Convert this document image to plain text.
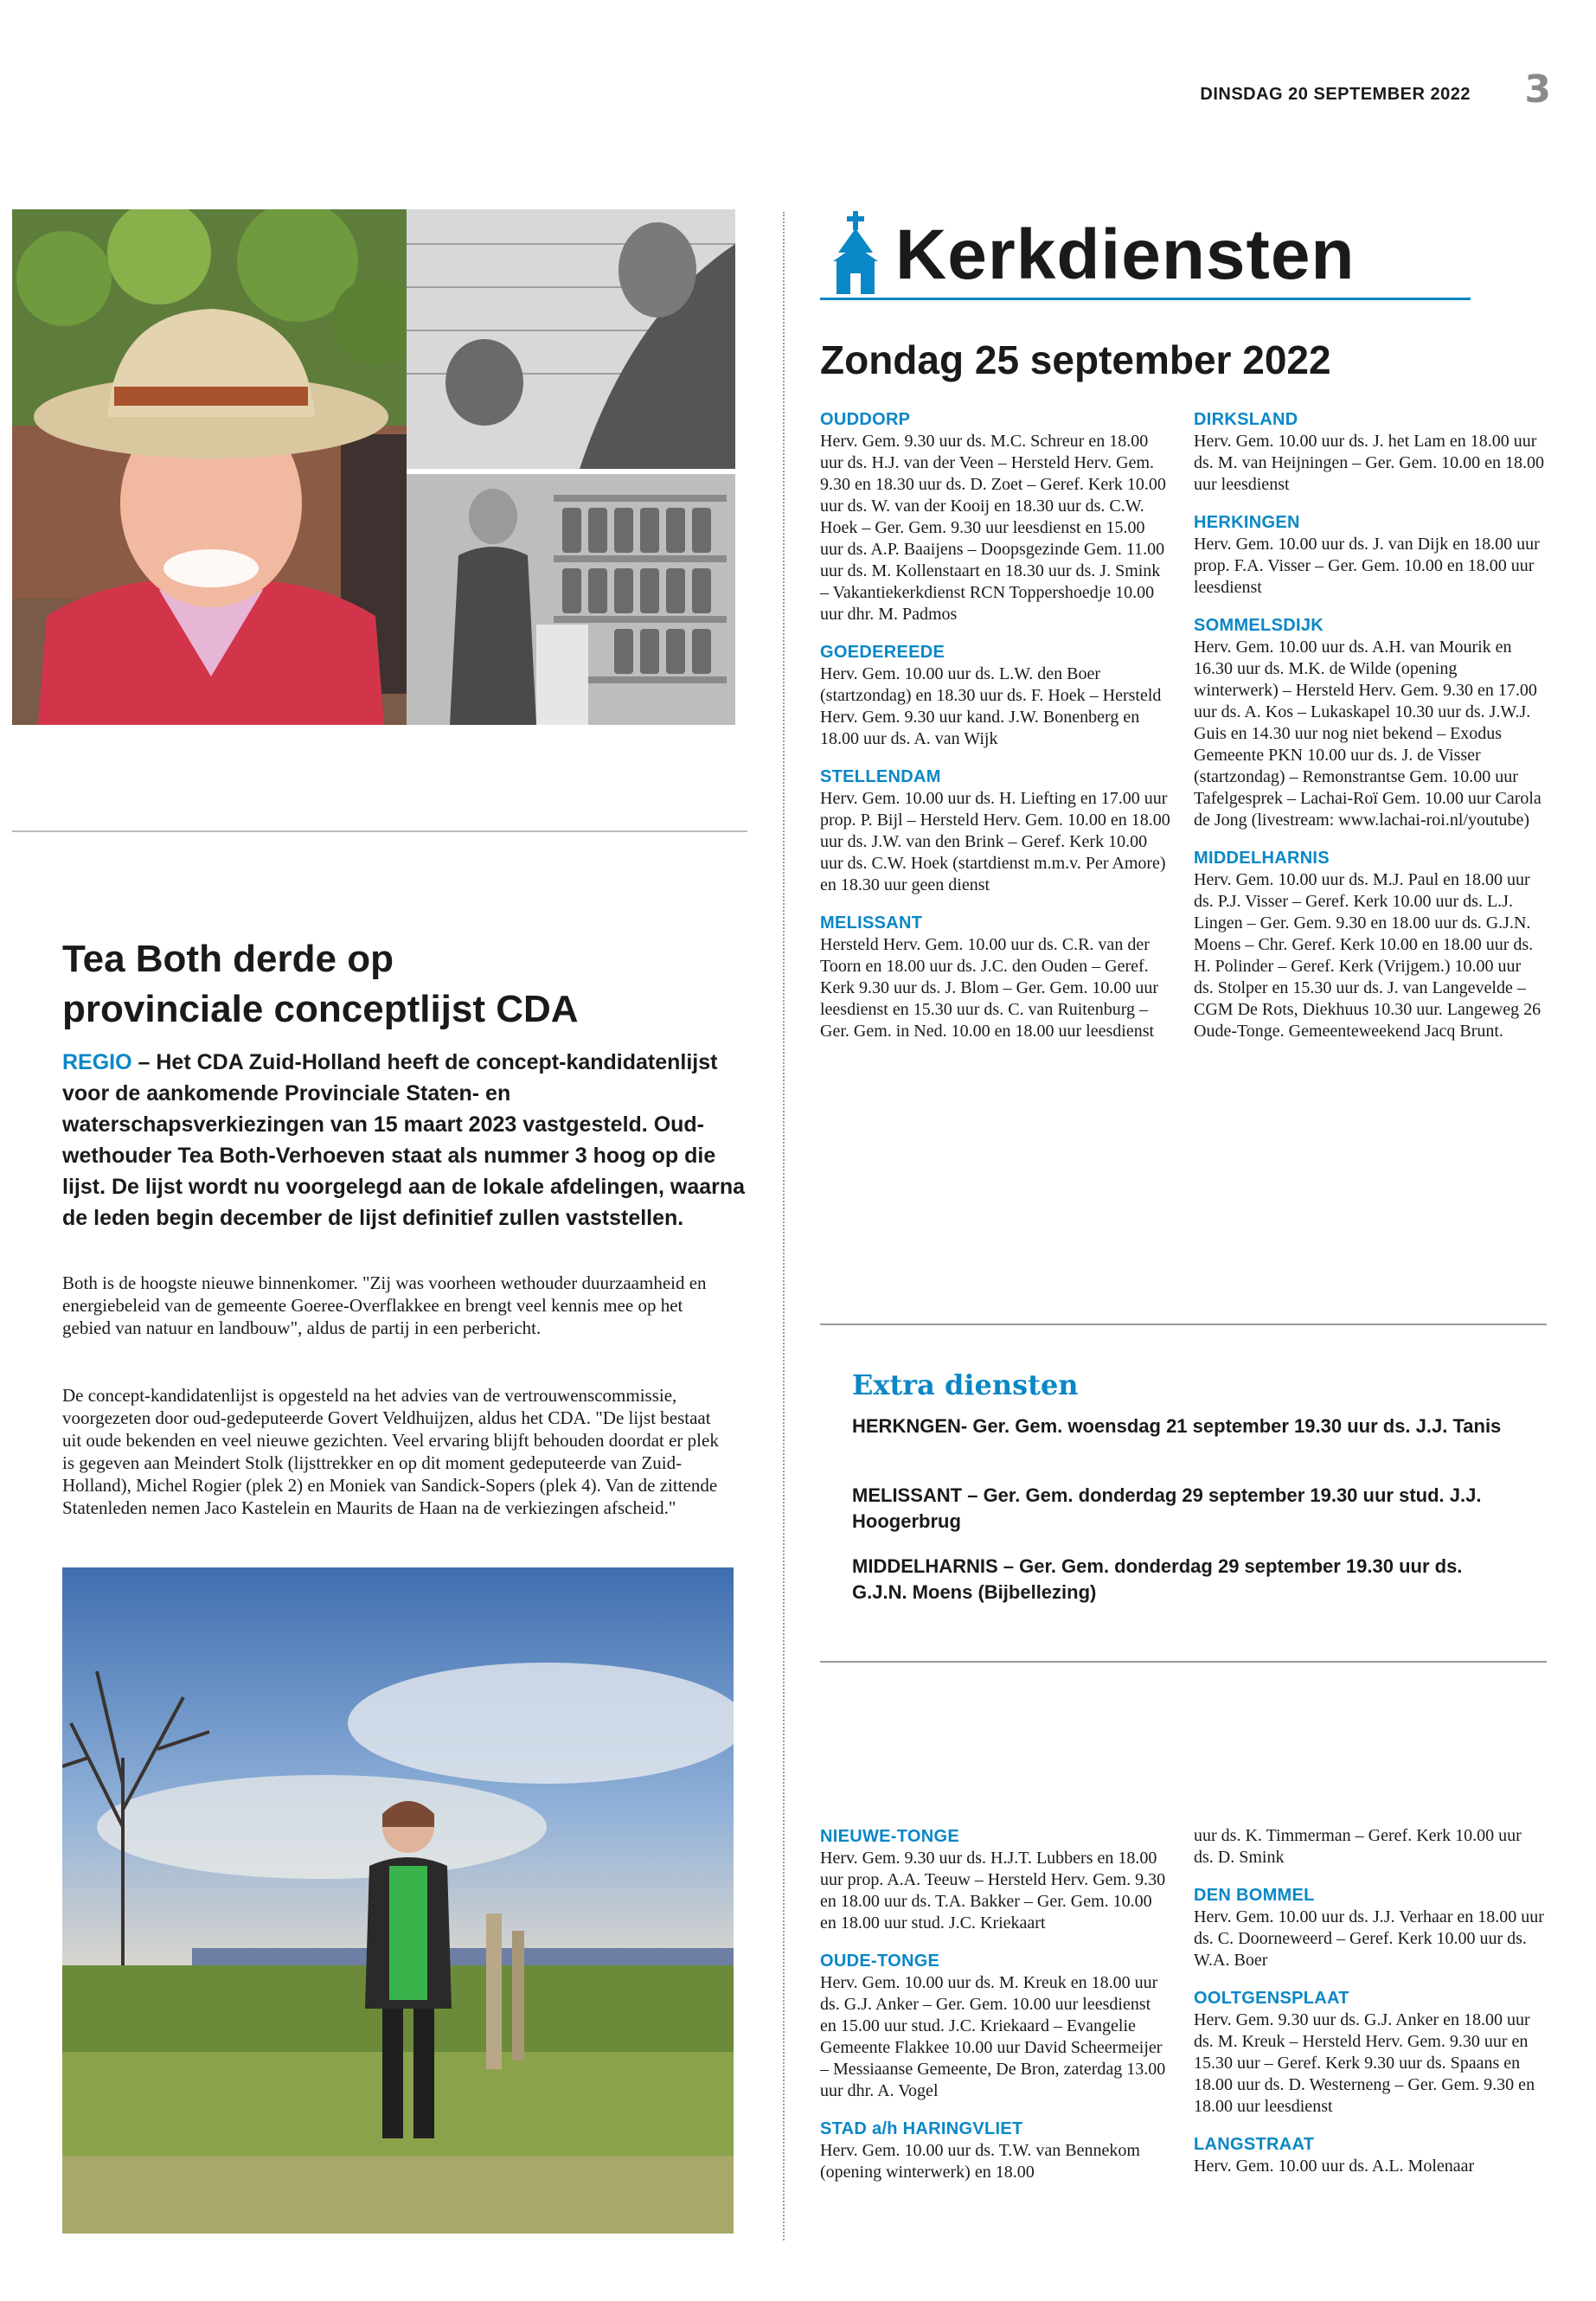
DINSDAG 20 SEPTEMBER 2022 3
Tea Both derde op
provinciale conceptlijst CDA
REGIO – Het CDA Zuid-Holland heeft de concept-kandidatenlijst voor de aankomende Provinciale Staten- en waterschapsverkiezingen van 15 maart 2023 vastgesteld. Oud-wethouder Tea Both-Verhoeven staat als nummer 3 hoog op die lijst. De lijst wordt nu voorgelegd aan de lokale afdelingen, waarna de leden begin december de lijst definitief zullen vaststellen.

Both is de hoogste nieuwe binnenkomer. "Zij was voorheen wethouder duurzaamheid en energiebeleid van de gemeente Goeree-Overflakkee en brengt veel kennis mee op het gebied van natuur en landbouw", aldus de partij in een perbericht.

De concept-kandidatenlijst is opgesteld na het advies van de vertrouwenscommissie, voorgezeten door oud-gedeputeerde Govert Veldhuijzen, aldus het CDA. "De lijst bestaat uit oude bekenden en veel nieuwe gezichten. Veel ervaring blijft behouden doordat er plek is gegeven aan Meindert Stolk (lijsttrekker en op dit moment gedeputeerde van Zuid-Holland), Michel Rogier (plek 2) en Moniek van Sandick-Sopers (plek 4). Van de zittende Statenleden nemen Jaco Kastelein en Maurits de Haan na de verkiezingen afscheid."

Kerkdiensten
Zondag 25 september 2022
OUDDORP
Herv. Gem. 9.30 uur ds. M.C. Schreur en 18.00 uur ds. H.J. van der Veen – Hersteld Herv. Gem. 9.30 en 18.30 uur ds. D. Zoet – Geref. Kerk 10.00 uur ds. W. van der Kooij en 18.30 uur ds. C.W. Hoek – Ger. Gem. 9.30 uur leesdienst en 15.00 uur ds. A.P. Baaijens – Doopsgezinde Gem. 11.00 uur ds. M. Kollenstaart en 18.30 uur ds. J. Smink – Vakantiekerkdienst RCN Toppershoedje 10.00 uur dhr. M. Padmos
GOEDEREEDE
Herv. Gem. 10.00 uur ds. L.W. den Boer (startzondag) en 18.30 uur ds. F. Hoek – Hersteld Herv. Gem. 9.30 uur kand. J.W. Bonenberg en 18.00 uur ds. A. van Wijk
STELLENDAM
Herv. Gem. 10.00 uur ds. H. Liefting en 17.00 uur prop. P. Bijl – Hersteld Herv. Gem. 10.00 en 18.00 uur ds. J.W. van den Brink – Geref. Kerk 10.00 uur ds. C.W. Hoek (startdienst m.m.v. Per Amore) en 18.30 uur geen dienst
MELISSANT
Hersteld Herv. Gem. 10.00 uur ds. C.R. van der Toorn en 18.00 uur ds. J.C. den Ouden – Geref. Kerk 9.30 uur ds. J. Blom – Ger. Gem. 10.00 uur leesdienst en 15.30 uur ds. C. van Ruitenburg – Ger. Gem. in Ned. 10.00 en 18.00 uur leesdienst
DIRKSLAND
Herv. Gem. 10.00 uur ds. J. het Lam en 18.00 uur ds. M. van Heijningen – Ger. Gem. 10.00 en 18.00 uur leesdienst
HERKINGEN
Herv. Gem. 10.00 uur ds. J. van Dijk en 18.00 uur prop. F.A. Visser – Ger. Gem. 10.00 en 18.00 uur leesdienst
SOMMELSDIJK
Herv. Gem. 10.00 uur ds. A.H. van Mourik en 16.30 uur ds. M.K. de Wilde (opening winterwerk) – Hersteld Herv. Gem. 9.30 en 17.00 uur ds. A. Kos – Lukaskapel 10.30 uur ds. J.W.J. Guis en 14.30 uur nog niet bekend – Exodus Gemeente PKN 10.00 uur ds. J. de Visser (startzondag) – Remonstrantse Gem. 10.00 uur Tafelgesprek – Lachai-Roï Gem. 10.00 uur Carola de Jong (livestream: www.lachai-roi.nl/youtube)
MIDDELHARNIS
Herv. Gem. 10.00 uur ds. M.J. Paul en 18.00 uur ds. P.J. Visser – Geref. Kerk 10.00 uur ds. L.J. Lingen – Ger. Gem. 9.30 en 18.00 uur ds. G.J.N. Moens – Chr. Geref. Kerk 10.00 en 18.00 uur ds. H. Polinder – Geref. Kerk (Vrijgem.) 10.00 uur ds. Stolper en 15.30 uur ds. J. van Langevelde – CGM De Rots, Diekhuus 10.30 uur. Langeweg 26 Oude-Tonge. Gemeenteweekend Jacq Brunt.
Extra diensten
HERKNGEN- Ger. Gem. woensdag 21 september 19.30 uur ds. J.J. Tanis
MELISSANT – Ger. Gem. donderdag 29 september 19.30 uur stud. J.J. Hoogerbrug
MIDDELHARNIS – Ger. Gem. donderdag 29 september 19.30 uur ds. G.J.N. Moens (Bijbellezing)
NIEUWE-TONGE
Herv. Gem. 9.30 uur ds. H.J.T. Lubbers en 18.00 uur prop. A.A. Teeuw – Hersteld Herv. Gem. 9.30 en 18.00 uur ds. T.A. Bakker – Ger. Gem. 10.00 en 18.00 uur stud. J.C. Kriekaart
OUDE-TONGE
Herv. Gem. 10.00 uur ds. M. Kreuk en 18.00 uur ds. G.J. Anker – Ger. Gem. 10.00 uur leesdienst en 15.00 uur stud. J.C. Kriekaard – Evangelie Gemeente Flakkee 10.00 uur David Scheermeijer – Messiaanse Gemeente, De Bron, zaterdag 13.00 uur dhr. A. Vogel
STAD a/h HARINGVLIET
Herv. Gem. 10.00 uur ds. T.W. van Bennekom (opening winterwerk) en 18.00
uur ds. K. Timmerman – Geref. Kerk 10.00 uur ds. D. Smink
DEN BOMMEL
Herv. Gem. 10.00 uur ds. J.J. Verhaar en 18.00 uur ds. C. Doorneweerd – Geref. Kerk 10.00 uur ds. W.A. Boer
OOLTGENSPLAAT
Herv. Gem. 9.30 uur ds. G.J. Anker en 18.00 uur ds. M. Kreuk – Hersteld Herv. Gem. 9.30 uur en 15.30 uur – Geref. Kerk 9.30 uur ds. Spaans en 18.00 uur ds. D. Westerneng – Ger. Gem. 9.30 en 18.00 uur leesdienst
LANGSTRAAT
Herv. Gem. 10.00 uur ds. A.L. Molenaar
